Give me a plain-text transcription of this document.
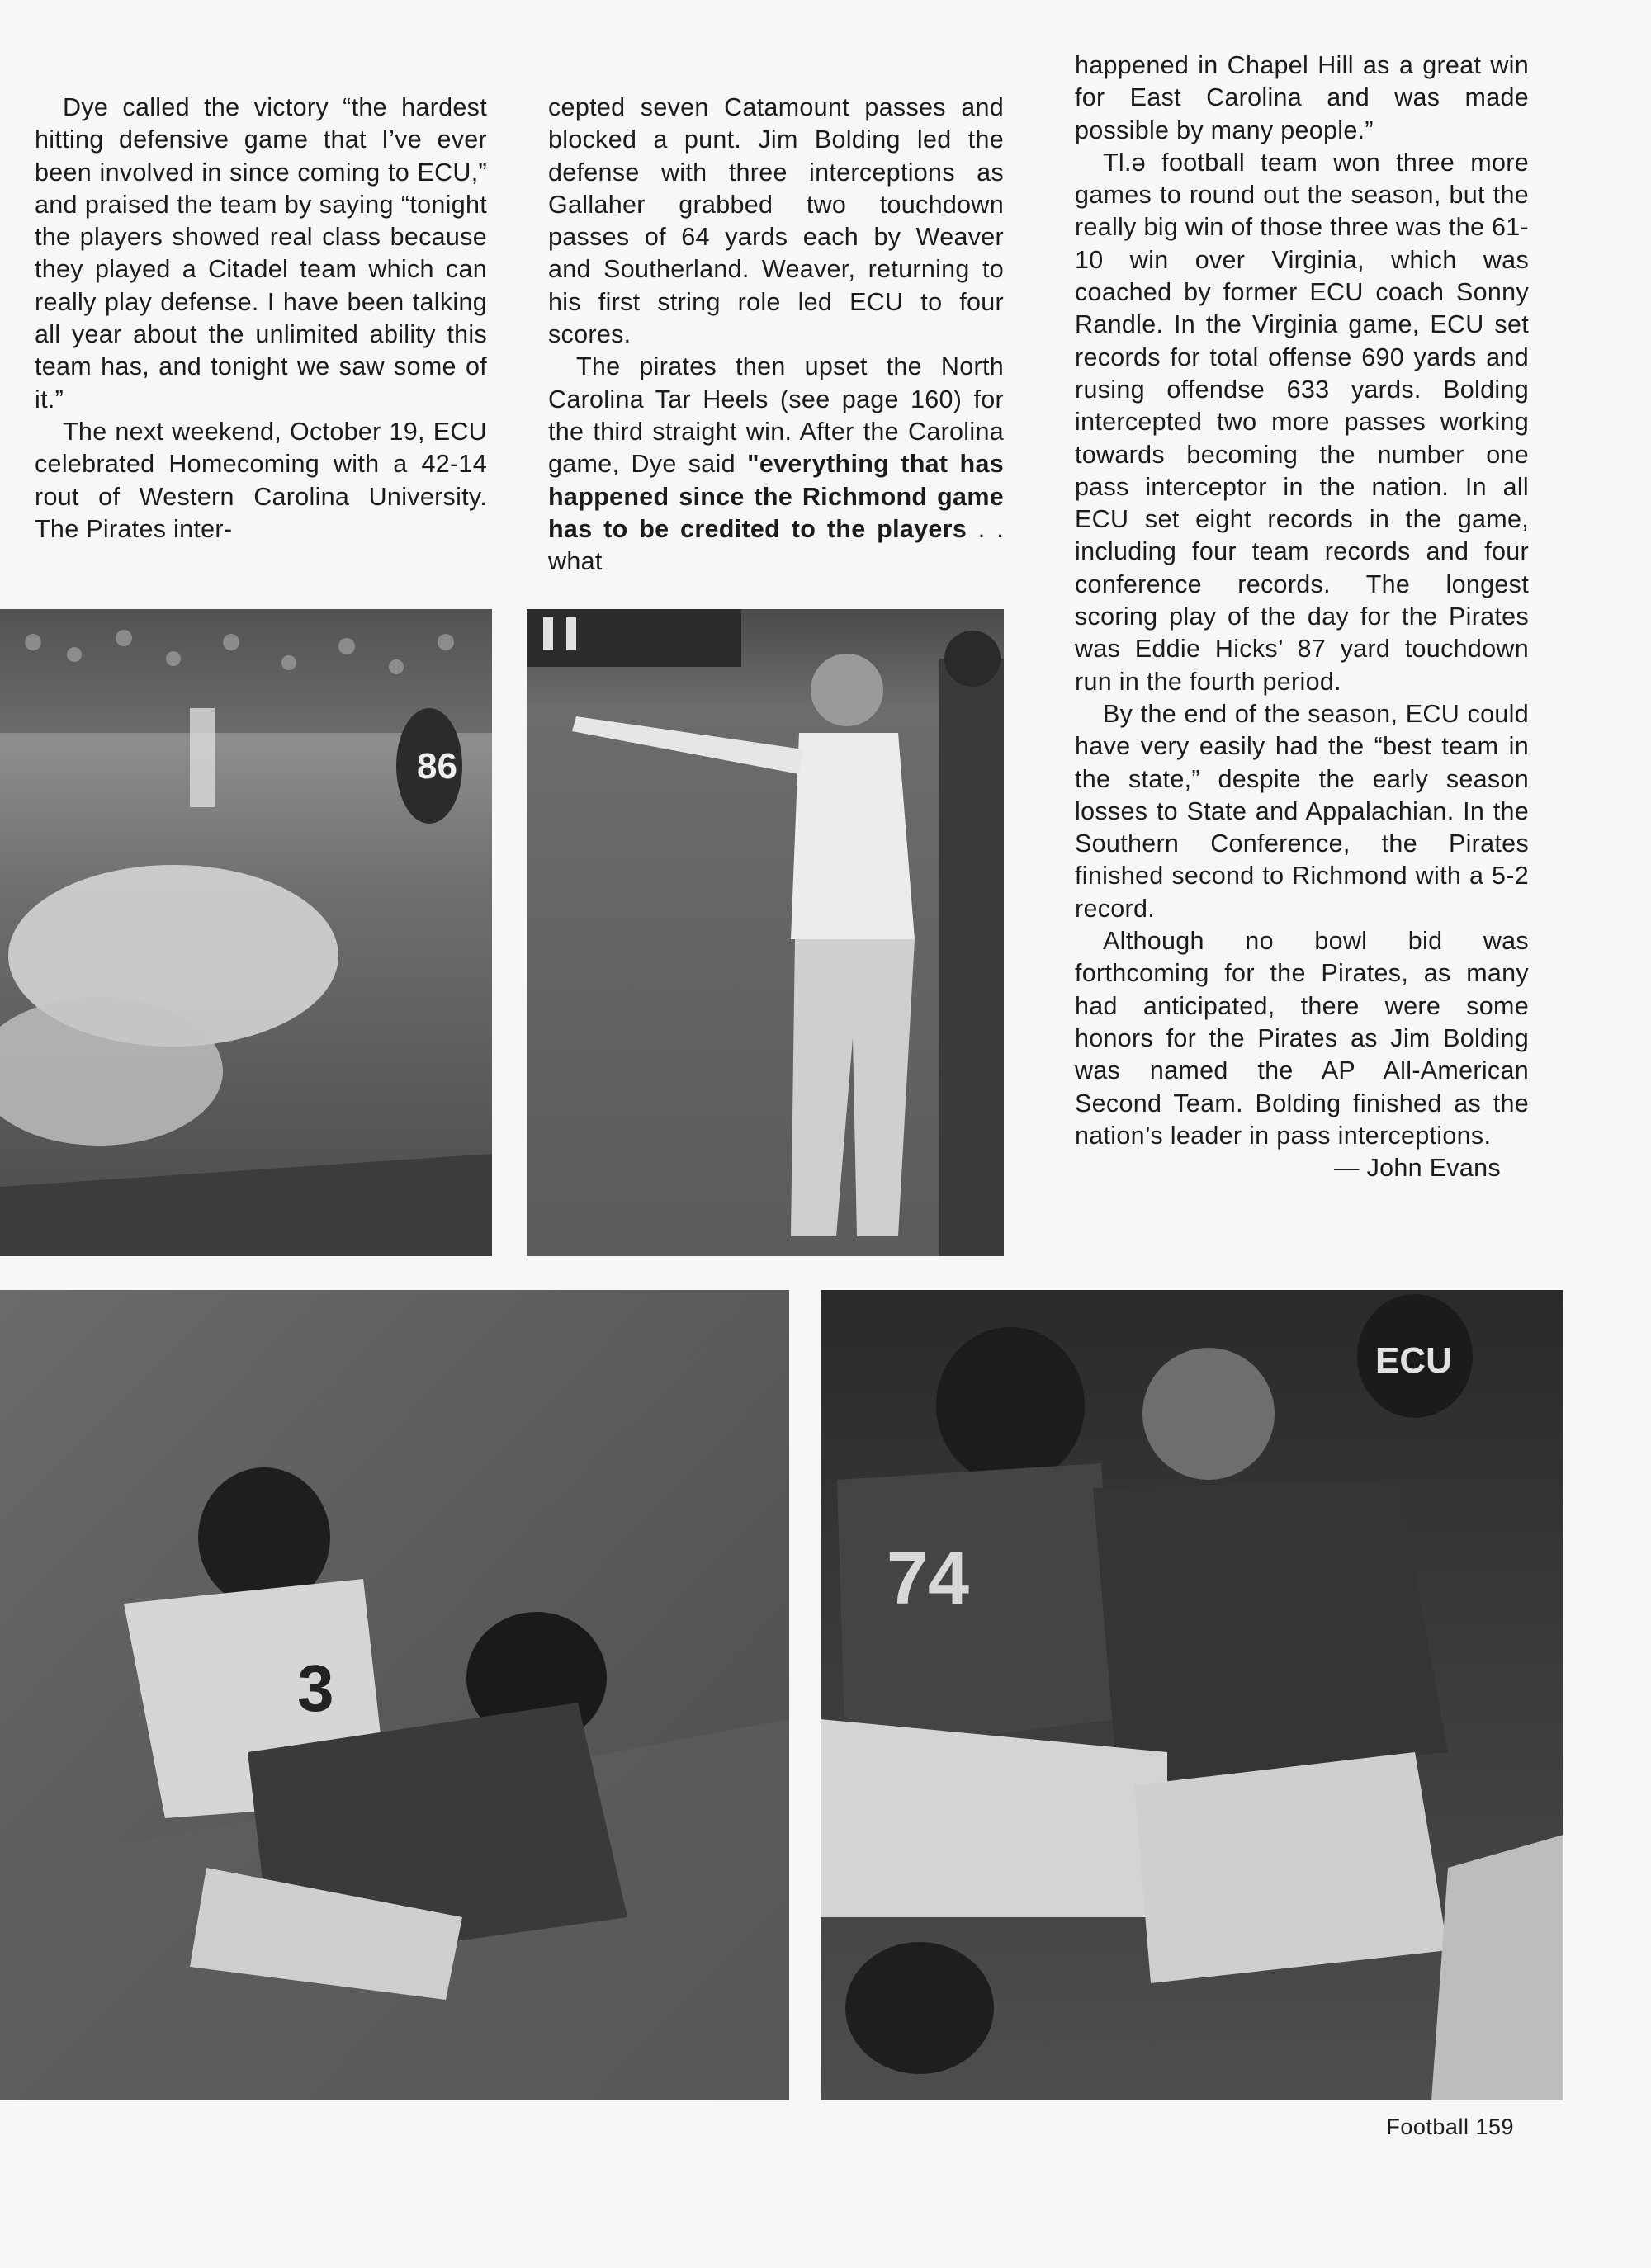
Dye called the victory “the hardest hitting defensive game that I’ve ever been involved in since coming to ECU,” and praised the team by saying “tonight the players showed real class because they played a Citadel team which can really play defense. I have been talking all year about the unlimited ability this team has, and tonight we saw some of it.”

The next weekend, October 19, ECU celebrated Homecoming with a 42-14 rout of Western Carolina University. The Pirates inter-

cepted seven Catamount passes and blocked a punt. Jim Bolding led the defense with three interceptions as Gallaher grabbed two touchdown passes of 64 yards each by Weaver and Southerland. Weaver, returning to his first string role led ECU to four scores.

The pirates then upset the North Carolina Tar Heels (see page 160) for the third straight win. After the Carolina game, Dye said "everything that has happened since the Richmond game has to be credited to the players . . what

happened in Chapel Hill as a great win for East Carolina and was made possible by many people.”

Tl.ə football team won three more games to round out the season, but the really big win of those three was the 61-10 win over Virginia, which was coached by former ECU coach Sonny Randle. In the Virginia game, ECU set records for total offense 690 yards and rusing offendse 633 yards. Bolding intercepted two more passes working towards becoming the number one pass interceptor in the nation. In all ECU set eight records in the game, including four team records and four conference records. The longest scoring play of the day for the Pirates was Eddie Hicks’ 87 yard touchdown run in the fourth period.

By the end of the season, ECU could have very easily had the “best team in the state,” despite the early season losses to State and Appalachian. In the Southern Conference, the Pirates finished second to Richmond with a 5-2 record.

Although no bowl bid was forthcoming for the Pirates, as many had anticipated, there were some honors for the Pirates as Jim Bolding was named the AP All-American Second Team. Bolding finished as the nation’s leader in pass interceptions.

— John Evans

86
3
74
ECU
Football 159
